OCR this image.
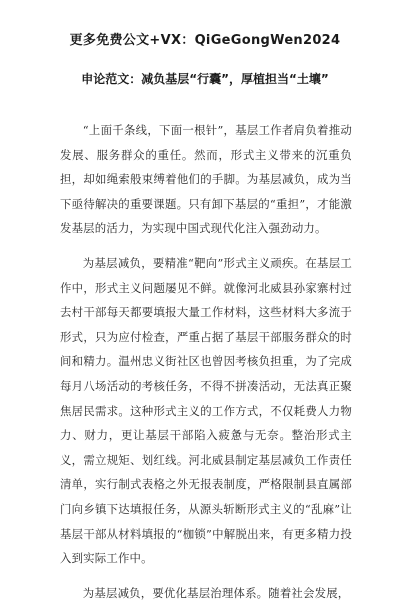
更多免费公文+VX：QiGeGongWen2024
申论范文：减负基层“行囊”，厚植担当“土壤”

“上面千条线，下面一根针”，基层工作者肩负着推动发展、服务群众的重任。然而，形式主义带来的沉重负担，却如绳索般束缚着他们的手脚。为基层减负，成为当下亟待解决的重要课题。只有卸下基层的“重担”，才能激发基层的活力，为实现中国式现代化注入强劲动力。

为基层减负，要精准“靶向”形式主义顽疾。在基层工作中，形式主义问题屡见不鲜。就像河北威县孙家寨村过去村干部每天都要填报大量工作材料，这些材料大多流于形式，只为应付检查，严重占据了基层干部服务群众的时间和精力。温州忠义街社区也曾因考核负担重，为了完成每月八场活动的考核任务，不得不拼凑活动，无法真正聚焦居民需求。这种形式主义的工作方式，不仅耗费人力物力、财力，更让基层干部陷入疲惫与无奈。整治形式主义，需立规矩、划红线。河北威县制定基层减负工作责任清单，实行制式表格之外无报表制度，严格限制县直属部门向乡镇下达填报任务，从源头斩断形式主义的“乱麻”让基层干部从材料填报的“枷锁”中解脱出来，有更多精力投入到实际工作中。

为基层减负，要优化基层治理体系。随着社会发展，
